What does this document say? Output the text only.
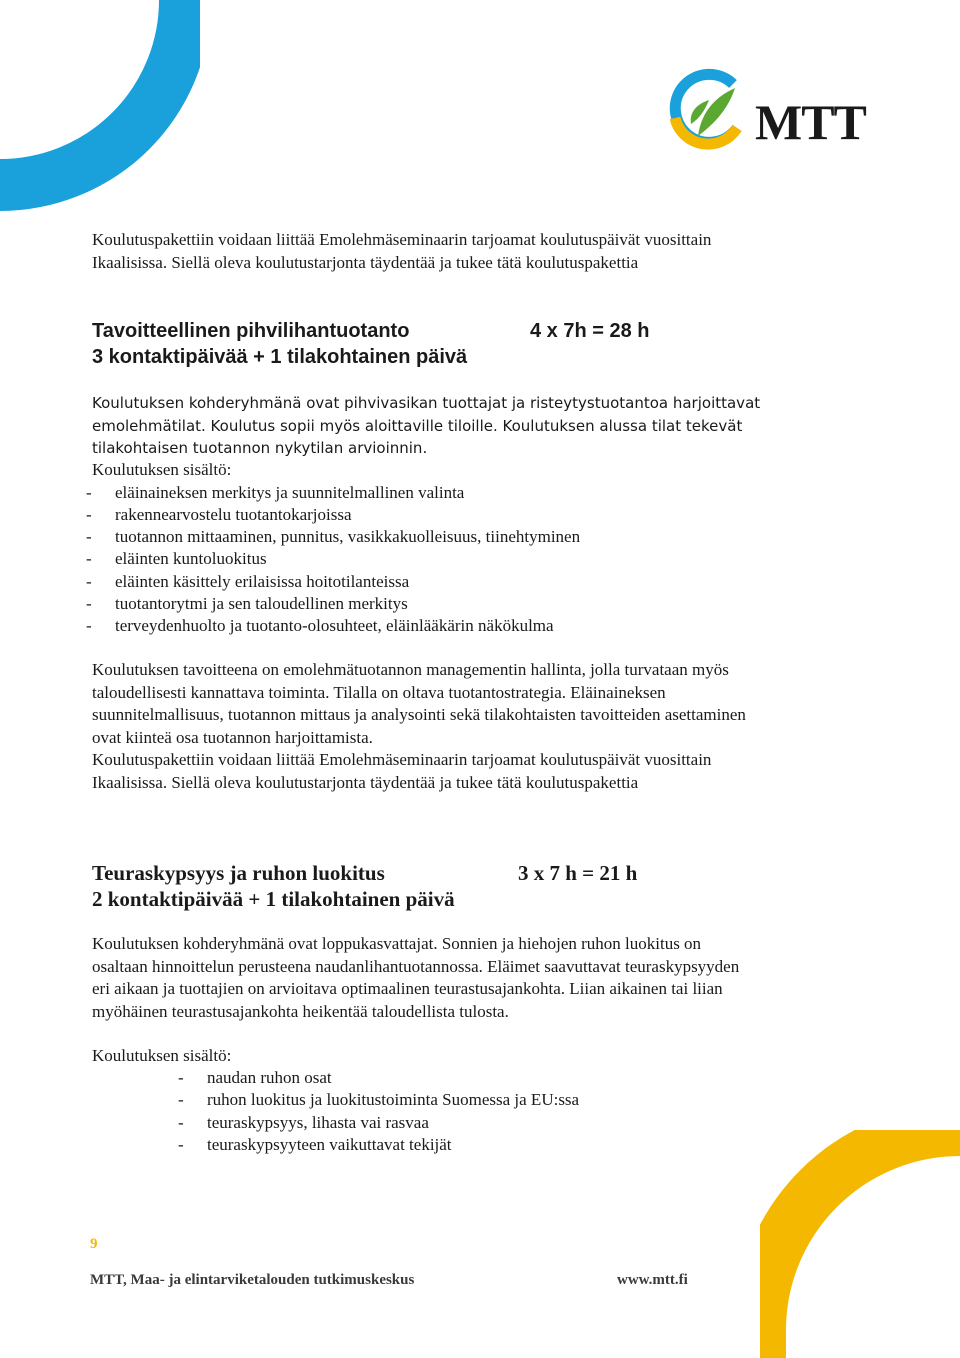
MTT

Koulutuspakettiin voidaan liittää Emolehmäseminaarin tarjoamat koulutuspäivät vuosittain

Ikaalisissa. Siellä oleva koulutustarjonta täydentää ja tukee tätä koulutuspakettia

Tavoitteellinen pihvilihantuotanto
3 kontaktipäivää + 1 tilakohtainen päivä
4 x 7h = 28 h

Koulutuksen kohderyhmänä ovat pihvivasikan tuottajat ja risteytystuotantoa harjoittavat

emolehmätilat. Koulutus sopii myös aloittaville tiloille. Koulutuksen alussa tilat tekevät

tilakohtaisen tuotannon nykytilan arvioinnin.

Koulutuksen sisältö:

- eläinaineksen merkitys ja suunnitelmallinen valinta
- rakennearvostelu tuotantokarjoissa
- tuotannon mittaaminen, punnitus, vasikkakuolleisuus, tiinehtyminen
- eläinten kuntoluokitus
- eläinten käsittely erilaisissa hoitotilanteissa
- tuotantorytmi ja sen taloudellinen merkitys
- terveydenhuolto ja tuotanto-olosuhteet, eläinlääkärin näkökulma

Koulutuksen tavoitteena on emolehmätuotannon managementin hallinta, jolla turvataan myös

taloudellisesti kannattava toiminta. Tilalla on oltava tuotantostrategia. Eläinaineksen

suunnitelmallisuus, tuotannon mittaus ja analysointi sekä tilakohtaisten tavoitteiden asettaminen

ovat kiinteä osa tuotannon harjoittamista.

Koulutuspakettiin voidaan liittää Emolehmäseminaarin tarjoamat koulutuspäivät vuosittain

Ikaalisissa. Siellä oleva koulutustarjonta täydentää ja tukee tätä koulutuspakettia

Teuraskypsyys ja ruhon luokitus
2 kontaktipäivää + 1 tilakohtainen päivä
3 x 7 h = 21 h

Koulutuksen kohderyhmänä ovat loppukasvattajat. Sonnien ja hiehojen ruhon luokitus on

osaltaan hinnoittelun perusteena naudanlihantuotannossa. Eläimet saavuttavat teuraskypsyyden

eri aikaan ja tuottajien on arvioitava optimaalinen teurastusajankohta. Liian aikainen tai liian

myöhäinen teurastusajankohta heikentää taloudellista tulosta.

Koulutuksen sisältö:

- naudan ruhon osat
- ruhon luokitus ja luokitustoiminta Suomessa ja EU:ssa
- teuraskypsyys, lihasta vai rasvaa
- teuraskypsyyteen vaikuttavat tekijät
9
MTT, Maa- ja elintarviketalouden tutkimuskeskus	www.mtt.fi
